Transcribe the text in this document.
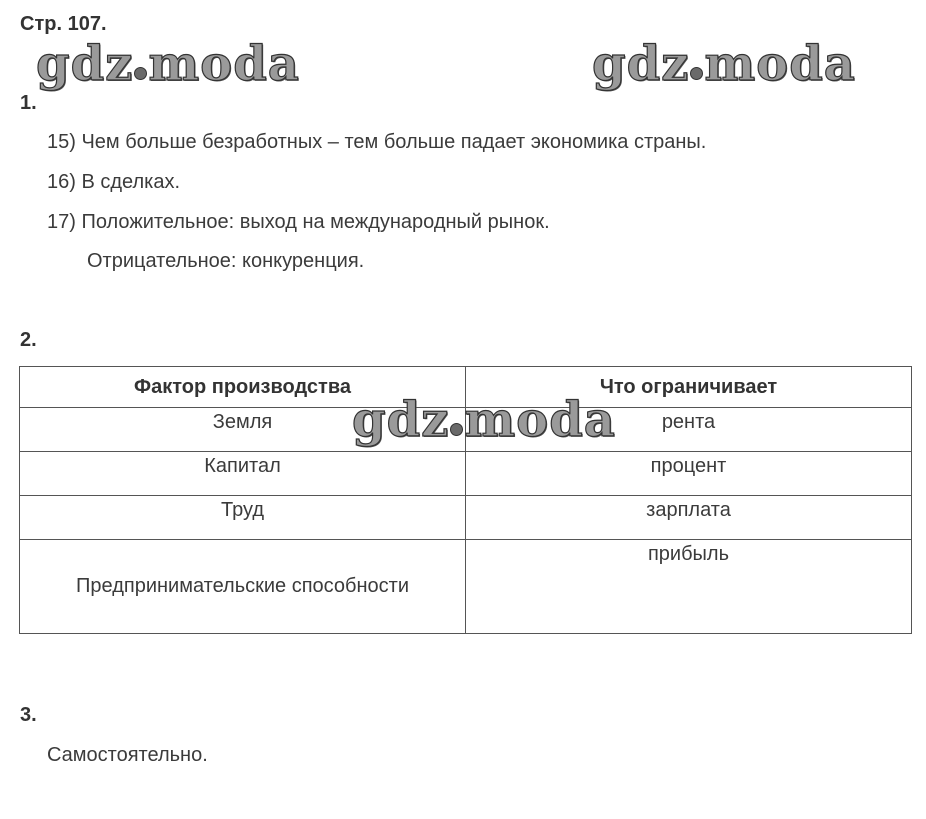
Стр. 107.
gdz moda	gdz moda
1.
15) Чем больше безработных – тем больше падает экономика страны.
16) В сделках.
17) Положительное: выход на международный рынок.
Отрицательное: конкуренция.
2.
Фактор производства	Что ограничивает
Земля	рента
Капитал	процент
Труд	зарплата
Предпринимательские способности	прибыль
gdz moda
3.
Самостоятельно.
